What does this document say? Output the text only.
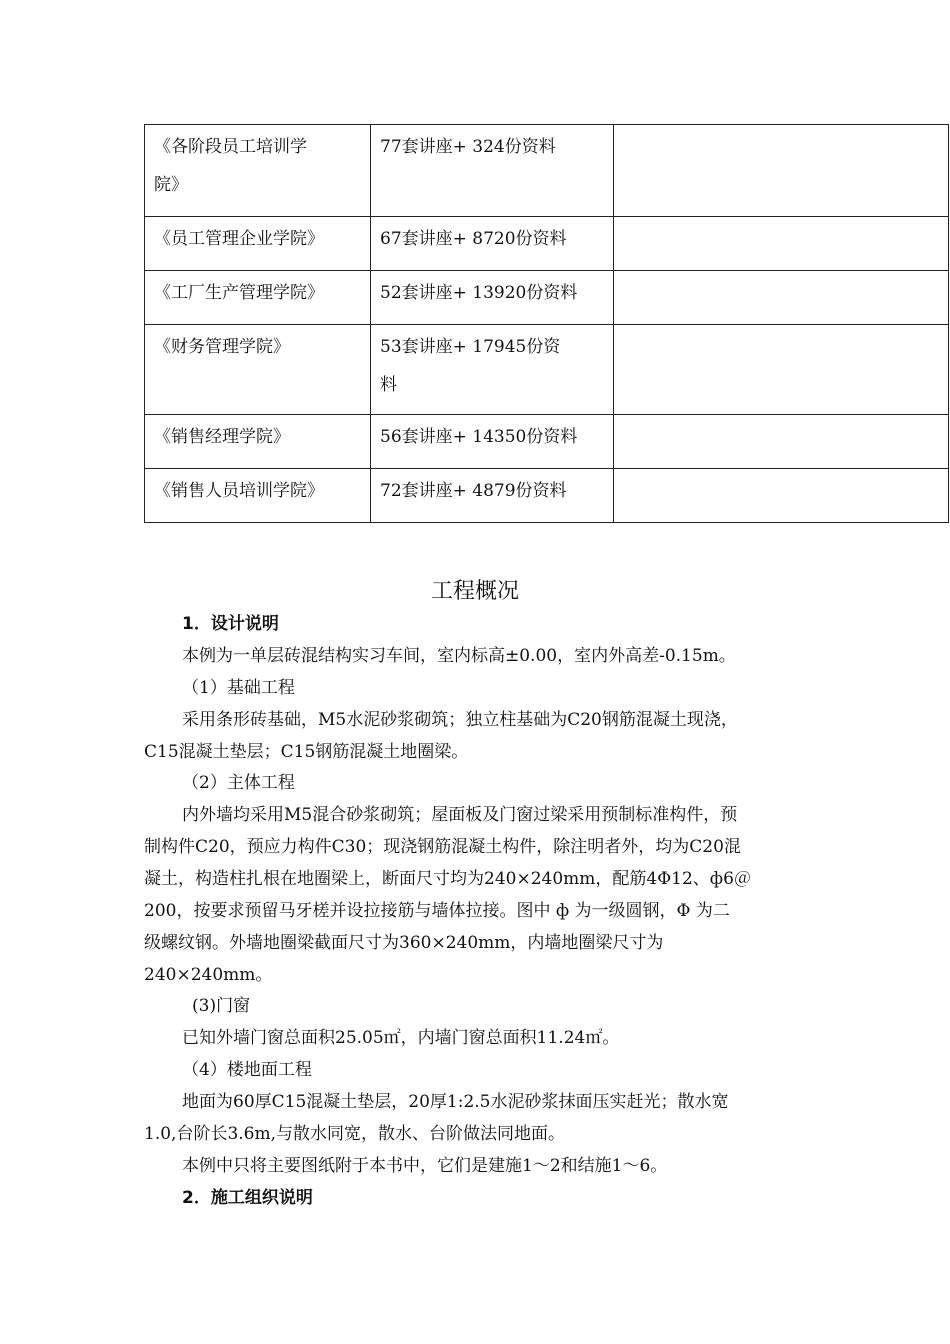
《各阶段员工培训学
院》	77套讲座+ 324份资料	
《员工管理企业学院》	67套讲座+ 8720份资料	
《工厂生产管理学院》	52套讲座+ 13920份资料	
《财务管理学院》	53套讲座+ 17945份资
料	
《销售经理学院》	56套讲座+ 14350份资料	
《销售人员培训学院》	72套讲座+ 4879份资料	
工程概况
1．设计说明
本例为一单层砖混结构实习车间，室内标高±0.00，室内外高差-0.15m。
（1）基础工程
采用条形砖基础，M5水泥砂浆砌筑；独立柱基础为C20钢筋混凝土现浇，
C15混凝土垫层；C15钢筋混凝土地圈梁。
（2）主体工程
内外墙均采用M5混合砂浆砌筑；屋面板及门窗过梁采用预制标准构件，预
制构件C20，预应力构件C30；现浇钢筋混凝土构件，除注明者外，均为C20混
凝土，构造柱扎根在地圈梁上，断面尺寸均为240×240mm，配筋4Φ12、ф6＠
200，按要求预留马牙槎并设拉接筋与墙体拉接。图中 ф 为一级圆钢，Φ 为二
级螺纹钢。外墙地圈梁截面尺寸为360×240mm，内墙地圈梁尺寸为
240×240mm。
(3)门窗
已知外墙门窗总面积25.05㎡，内墙门窗总面积11.24㎡。
（4）楼地面工程
地面为60厚C15混凝土垫层，20厚1:2.5水泥砂浆抹面压实赶光；散水宽
1.0,台阶长3.6m,与散水同宽，散水、台阶做法同地面。
本例中只将主要图纸附于本书中，它们是建施1～2和结施1～6。
2．施工组织说明
